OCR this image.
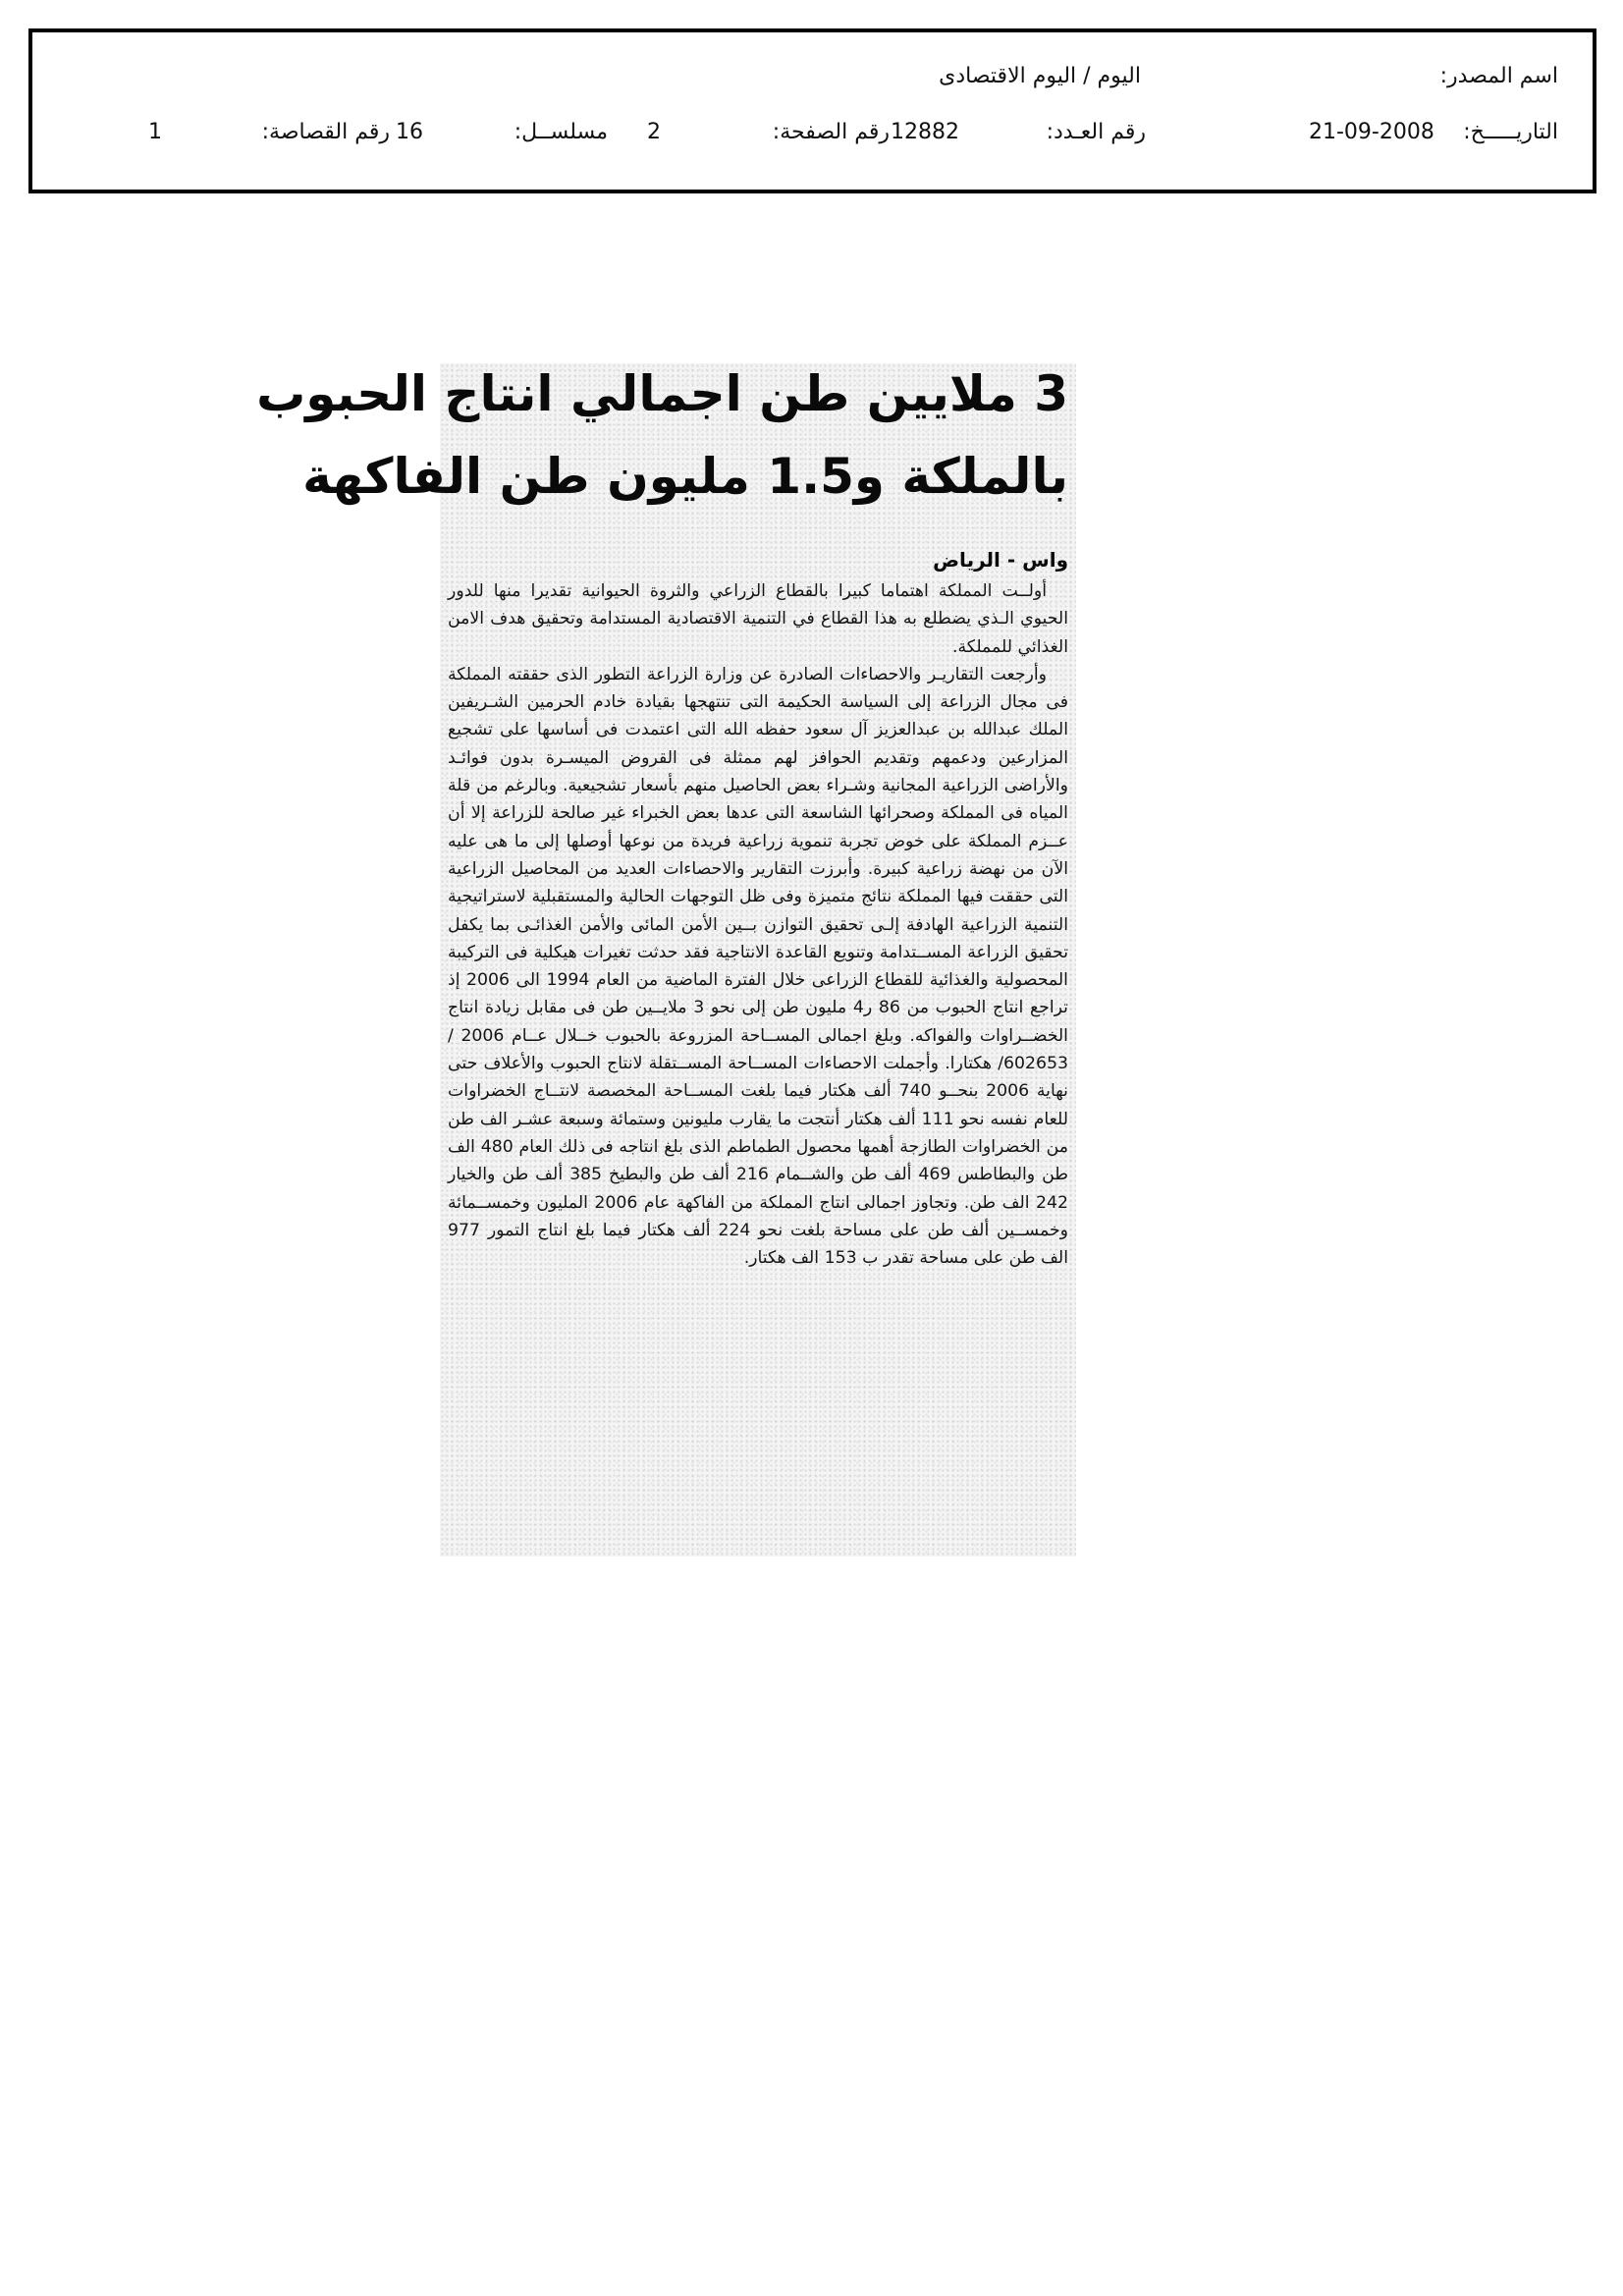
اسم المصدر:
اليوم / اليوم الاقتصادى
التاريـــــخ:
21-09-2008
رقم العـدد:
12882
رقم الصفحة:
2
مسلســل:
16
رقم القصاصة:
1
3 ملايين طن اجمالي انتاج الحبوب
بالملكة و1.5 مليون طن الفاكهة
واس - الرياض

أولــت المملكة اهتماما كبيرا بالقطاع الزراعي والثروة الحيوانية تقديرا منها للدور الحيوي الـذي يضطلع به هذا القطاع في التنمية الاقتصادية المستدامة وتحقيق هدف الامن الغذائي للمملكة.

وأرجعت التقاريـر والاحصاءات الصادرة عن وزارة الزراعة التطور الذى حققته المملكة فى مجال الزراعة إلى السياسة الحكيمة التى تنتهجها بقيادة خادم الحرمين الشـريفين الملك عبدالله بن عبدالعزيز آل سعود حفظه الله التى اعتمدت فى أساسها على تشجيع المزارعين ودعمهم وتقديم الحوافز لهم ممثلة فى القروض الميسـرة بدون فوائـد والأراضى الزراعية المجانية وشـراء بعض الحاصيل منهم بأسعار تشجيعية. وبالرغم من قلة المياه فى المملكة وصحرائها الشاسعة التى عدها بعض الخبراء غير صالحة للزراعة إلا أن عــزم المملكة على خوض تجربة تنموية زراعية فريدة من نوعها أوصلها إلى ما هى عليه الآن من نهضة زراعية كبيرة. وأبرزت التقارير والاحصاءات العديد من المحاصيل الزراعية التى حققت فيها المملكة نتائج متميزة وفى ظل التوجهات الحالية والمستقبلية لاستراتيجية التنمية الزراعية الهادفة إلـى تحقيق التوازن بــين الأمن المائى والأمن الغذائـى بما يكفل تحقيق الزراعة المســتدامة وتنويع القاعدة الانتاجية فقد حدثت تغيرات هيكلية فى التركيبة المحصولية والغذائية للقطاع الزراعى خلال الفترة الماضية من العام 1994 الى 2006 إذ تراجع انتاج الحبوب من 86 ر4 مليون طن إلى نحو 3 ملايــين طن فى مقابل زيادة انتاج الخضــراوات والفواكه. وبلغ اجمالى المســاحة المزروعة بالحبوب خــلال عــام 2006 / 602653/ هكتارا. وأجملت الاحصاءات المســاحة المســتقلة لانتاج الحبوب والأعلاف حتى نهاية 2006 بنحــو 740 ألف هكتار فيما بلغت المســاحة المخصصة لانتــاج الخضراوات للعام نفسه نحو 111 ألف هكتار أنتجت ما يقارب مليونين وستمائة وسبعة عشـر الف طن من الخضراوات الطازجة أهمها محصول الطماطم الذى بلغ انتاجه فى ذلك العام 480 الف طن والبطاطس 469 ألف طن والشــمام 216 ألف طن والبطيخ 385 ألف طن والخيار 242 الف طن. وتجاوز اجمالى انتاج المملكة من الفاكهة عام 2006 المليون وخمســمائة وخمســين ألف طن على مساحة بلغت نحو 224 ألف هكتار فيما بلغ انتاج التمور 977 الف طن على مساحة تقدر ب 153 الف هكتار.
